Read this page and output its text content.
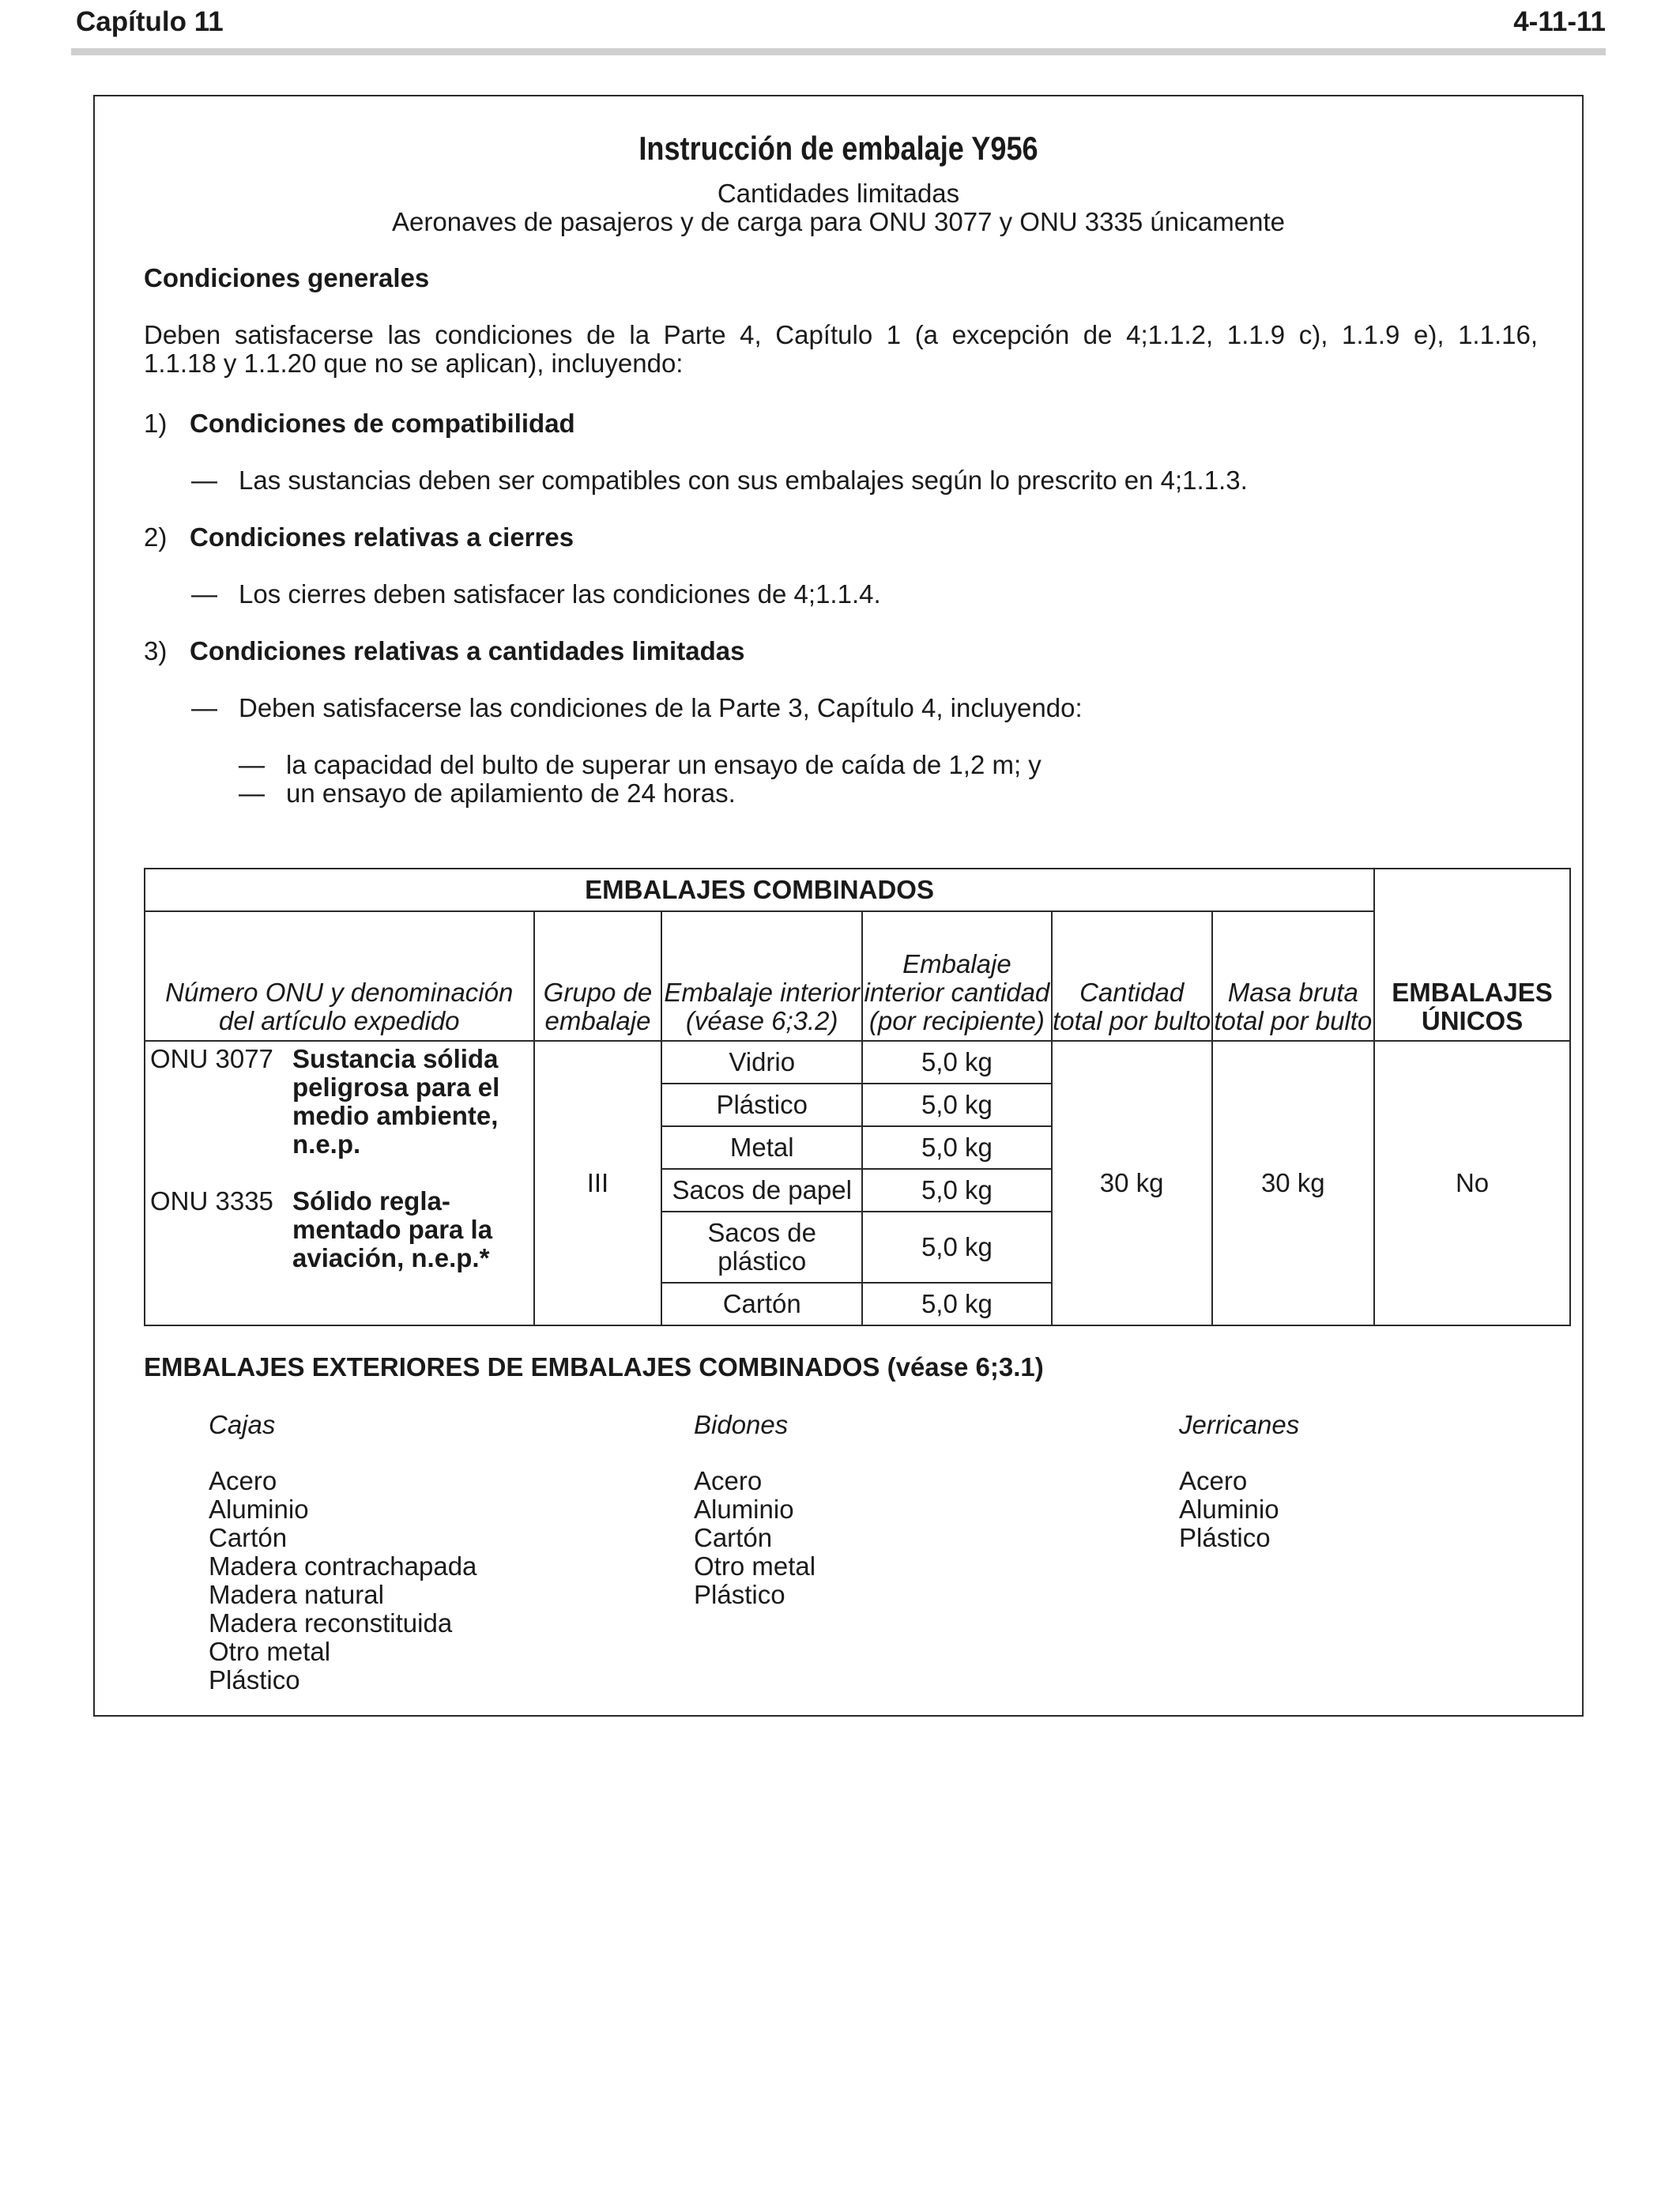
Capítulo 11	4-11-11
Instrucción de embalaje Y956
Cantidades limitadas
Aeronaves de pasajeros y de carga para ONU 3077 y ONU 3335 únicamente
Condiciones generales
Deben satisfacerse las condiciones de la Parte 4, Capítulo 1 (a excepción de 4;1.1.2, 1.1.9 c), 1.1.9 e), 1.1.16,
1.1.18 y 1.1.20 que no se aplican), incluyendo:
1) Condiciones de compatibilidad
— Las sustancias deben ser compatibles con sus embalajes según lo prescrito en 4;1.1.3.
2) Condiciones relativas a cierres
— Los cierres deben satisfacer las condiciones de 4;1.1.4.
3) Condiciones relativas a cantidades limitadas
— Deben satisfacerse las condiciones de la Parte 3, Capítulo 4, incluyendo:
— la capacidad del bulto de superar un ensayo de caída de 1,2 m; y
— un ensayo de apilamiento de 24 horas.
EMBALAJES COMBINADOS						EMBALAJES ÚNICOS
Número ONU y denominación del artículo expedido	Grupo de embalaje	Embalaje interior (véase 6;3.2)	Embalaje interior cantidad (por recipiente)	Cantidad total por bulto	Masa bruta total por bulto	

ONU 3077 Sustancia sólida peligrosa para el medio ambiente, n.e.p.
ONU 3335 Sólido regla-mentado para la aviación, n.e.p.*	III	Vidrio	5,0 kg	30 kg	30 kg	No
		Plástico	5,0 kg			
		Metal	5,0 kg			
		Sacos de papel	5,0 kg			
		Sacos de plástico	5,0 kg			
		Cartón	5,0 kg			
EMBALAJES EXTERIORES DE EMBALAJES COMBINADOS (véase 6;3.1)
Cajas
Acero
Aluminio
Cartón
Madera contrachapada
Madera natural
Madera reconstituida
Otro metal
Plástico
Bidones
Acero
Aluminio
Cartón
Otro metal
Plástico
Jerricanes
Acero
Aluminio
Plástico
